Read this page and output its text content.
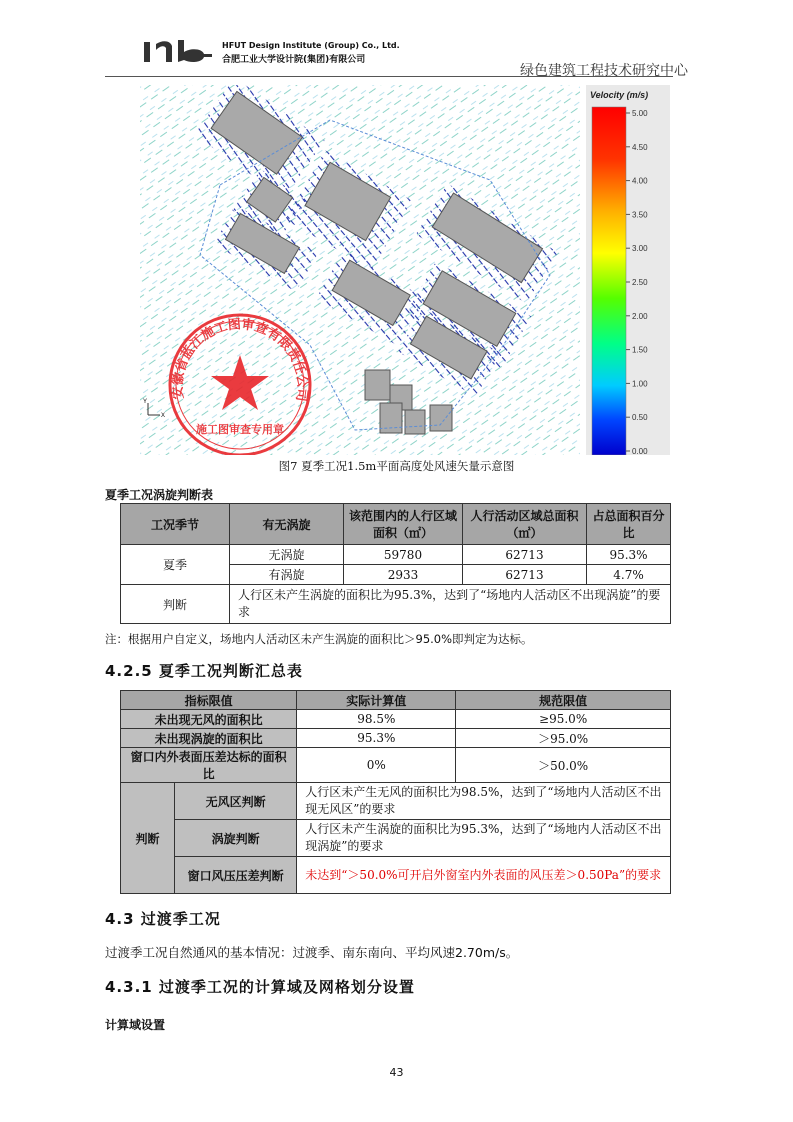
HFUT Design Institute (Group) Co., Ltd.
合肥工业大学设计院(集团)有限公司
绿色建筑工程技术研究中心
Y
X
安徽省蓝江施工图审查有限责任公司
施工图审查专用章
Velocity (m/s)
5.00
4.50
4.00
3.50
3.00
2.50
2.00
1.50
1.00
0.50
0.00
图7 夏季工况1.5m平面高度处风速矢量示意图
夏季工况涡旋判断表
工况季节	有无涡旋	该范围内的人行区域面积（㎡）	人行活动区域总面积（㎡）	占总面积百分比
夏季	无涡旋	59780	62713	95.3%
	有涡旋	2933	62713	4.7%
判断	人行区未产生涡旋的面积比为95.3%，达到了“场地内人活动区不出现涡旋”的要求			
注：根据用户自定义，场地内人活动区未产生涡旋的面积比＞95.0%即判定为达标。
4.2.5 夏季工况判断汇总表
指标限值		实际计算值	规范限值
未出现无风的面积比		98.5%	≥95.0%
未出现涡旋的面积比		95.3%	＞95.0%
窗口内外表面压差达标的面积比		0%	＞50.0%
判断	无风区判断	人行区未产生无风的面积比为98.5%，达到了“场地内人活动区不出现无风区”的要求	
	涡旋判断	人行区未产生涡旋的面积比为95.3%，达到了“场地内人活动区不出现涡旋”的要求	
	窗口风压压差判断	未达到“＞50.0%可开启外窗室内外表面的风压差＞0.50Pa”的要求	
4.3 过渡季工况
过渡季工况自然通风的基本情况：过渡季、南东南向、平均风速2.70m/s。
4.3.1 过渡季工况的计算域及网格划分设置
计算域设置
43
